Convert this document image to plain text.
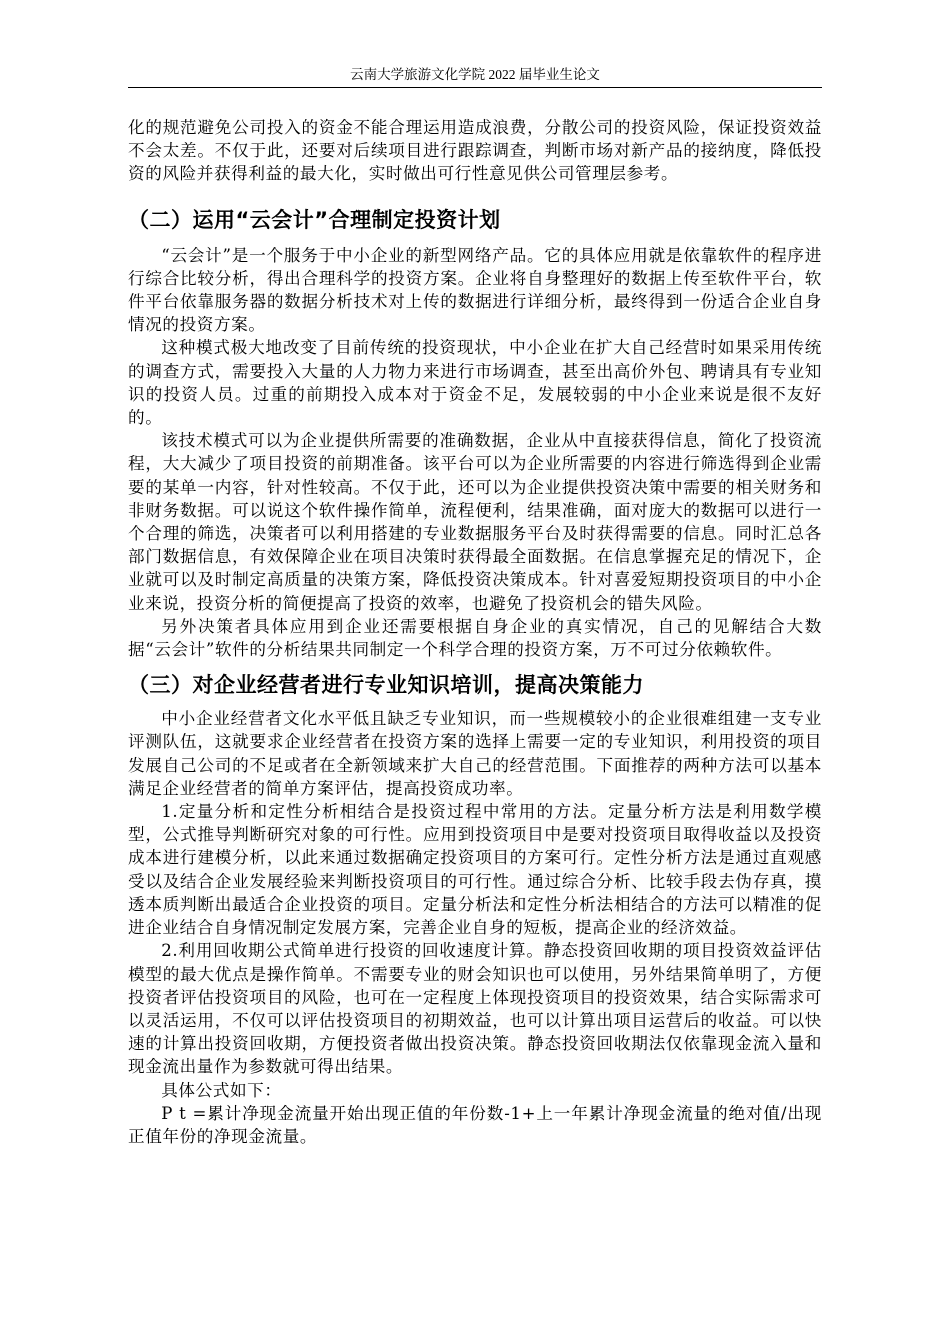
云南大学旅游文化学院 2022 届毕业生论文

化的规范避免公司投入的资金不能合理运用造成浪费，分散公司的投资风险，保证投资效益不会太差。不仅于此，还要对后续项目进行跟踪调查，判断市场对新产品的接纳度，降低投资的风险并获得利益的最大化，实时做出可行性意见供公司管理层参考。

（二）运用“云会计”合理制定投资计划

“云会计”是一个服务于中小企业的新型网络产品。它的具体应用就是依靠软件的程序进行综合比较分析，得出合理科学的投资方案。企业将自身整理好的数据上传至软件平台，软件平台依靠服务器的数据分析技术对上传的数据进行详细分析，最终得到一份适合企业自身情况的投资方案。

这种模式极大地改变了目前传统的投资现状，中小企业在扩大自己经营时如果采用传统的调查方式，需要投入大量的人力物力来进行市场调查，甚至出高价外包、聘请具有专业知识的投资人员。过重的前期投入成本对于资金不足，发展较弱的中小企业来说是很不友好的。

该技术模式可以为企业提供所需要的准确数据，企业从中直接获得信息，简化了投资流程，大大减少了项目投资的前期准备。该平台可以为企业所需要的内容进行筛选得到企业需要的某单一内容，针对性较高。不仅于此，还可以为企业提供投资决策中需要的相关财务和非财务数据。可以说这个软件操作简单，流程便利，结果准确，面对庞大的数据可以进行一个合理的筛选，决策者可以利用搭建的专业数据服务平台及时获得需要的信息。同时汇总各部门数据信息，有效保障企业在项目决策时获得最全面数据。在信息掌握充足的情况下，企业就可以及时制定高质量的决策方案，降低投资决策成本。针对喜爱短期投资项目的中小企业来说，投资分析的简便提高了投资的效率，也避免了投资机会的错失风险。

另外决策者具体应用到企业还需要根据自身企业的真实情况，自己的见解结合大数据“云会计”软件的分析结果共同制定一个科学合理的投资方案，万不可过分依赖软件。

（三）对企业经营者进行专业知识培训，提高决策能力

中小企业经营者文化水平低且缺乏专业知识，而一些规模较小的企业很难组建一支专业评测队伍，这就要求企业经营者在投资方案的选择上需要一定的专业知识，利用投资的项目发展自己公司的不足或者在全新领域来扩大自己的经营范围。下面推荐的两种方法可以基本满足企业经营者的简单方案评估，提高投资成功率。

1.定量分析和定性分析相结合是投资过程中常用的方法。定量分析方法是利用数学模型，公式推导判断研究对象的可行性。应用到投资项目中是要对投资项目取得收益以及投资成本进行建模分析，以此来通过数据确定投资项目的方案可行。定性分析方法是通过直观感受以及结合企业发展经验来判断投资项目的可行性。通过综合分析、比较手段去伪存真，摸透本质判断出最适合企业投资的项目。定量分析法和定性分析法相结合的方法可以精准的促进企业结合自身情况制定发展方案，完善企业自身的短板，提高企业的经济效益。

2.利用回收期公式简单进行投资的回收速度计算。静态投资回收期的项目投资效益评估模型的最大优点是操作简单。不需要专业的财会知识也可以使用，另外结果简单明了，方便投资者评估投资项目的风险，也可在一定程度上体现投资项目的投资效果，结合实际需求可以灵活运用，不仅可以评估投资项目的初期效益，也可以计算出项目运营后的收益。可以快速的计算出投资回收期，方便投资者做出投资决策。静态投资回收期法仅依靠现金流入量和现金流出量作为参数就可得出结果。

具体公式如下：

P t =累计净现金流量开始出现正值的年份数-1+上一年累计净现金流量的绝对值/出现正值年份的净现金流量。
